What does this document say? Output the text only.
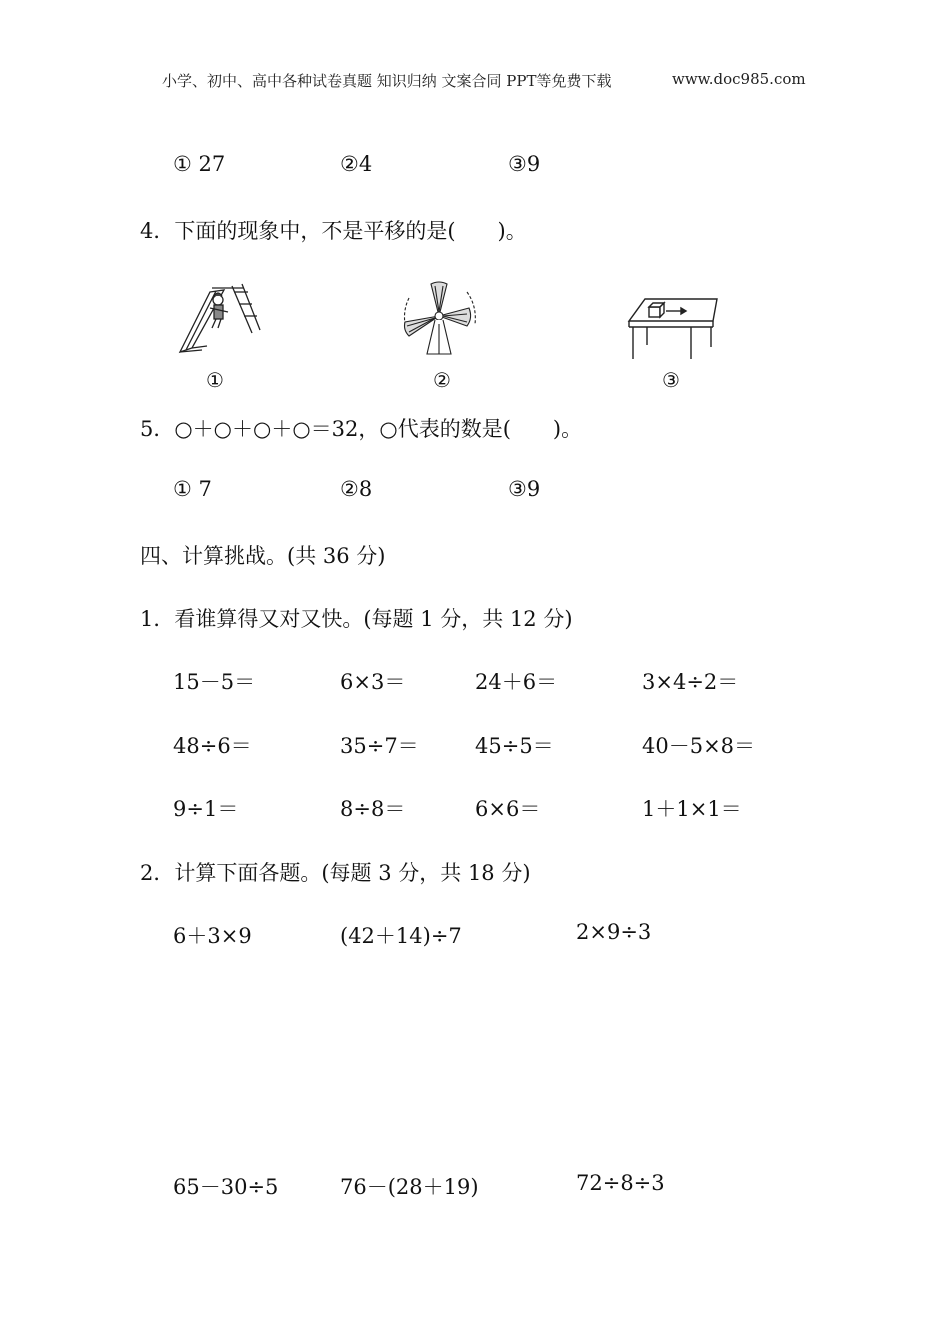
小学、初中、高中各种试卷真题 知识归纳 文案合同 PPT等免费下载	www.doc985.com
① 27	②4	③9
4．下面的现象中，不是平移的是(　　)。
①	②	③
5．○＋○＋○＋○＝32，○代表的数是(　　)。
① 7	②8	③9
四、计算挑战。(共 36 分)
1．看谁算得又对又快。(每题 1 分，共 12 分)
15－5＝	6×3＝	24＋6＝	3×4÷2＝
48÷6＝	35÷7＝	45÷5＝	40－5×8＝
9÷1＝	8÷8＝	6×6＝	1＋1×1＝
2．计算下面各题。(每题 3 分，共 18 分)
6＋3×9	(42＋14)÷7	2×9÷3
65－30÷5	76－(28＋19)	72÷8÷3
